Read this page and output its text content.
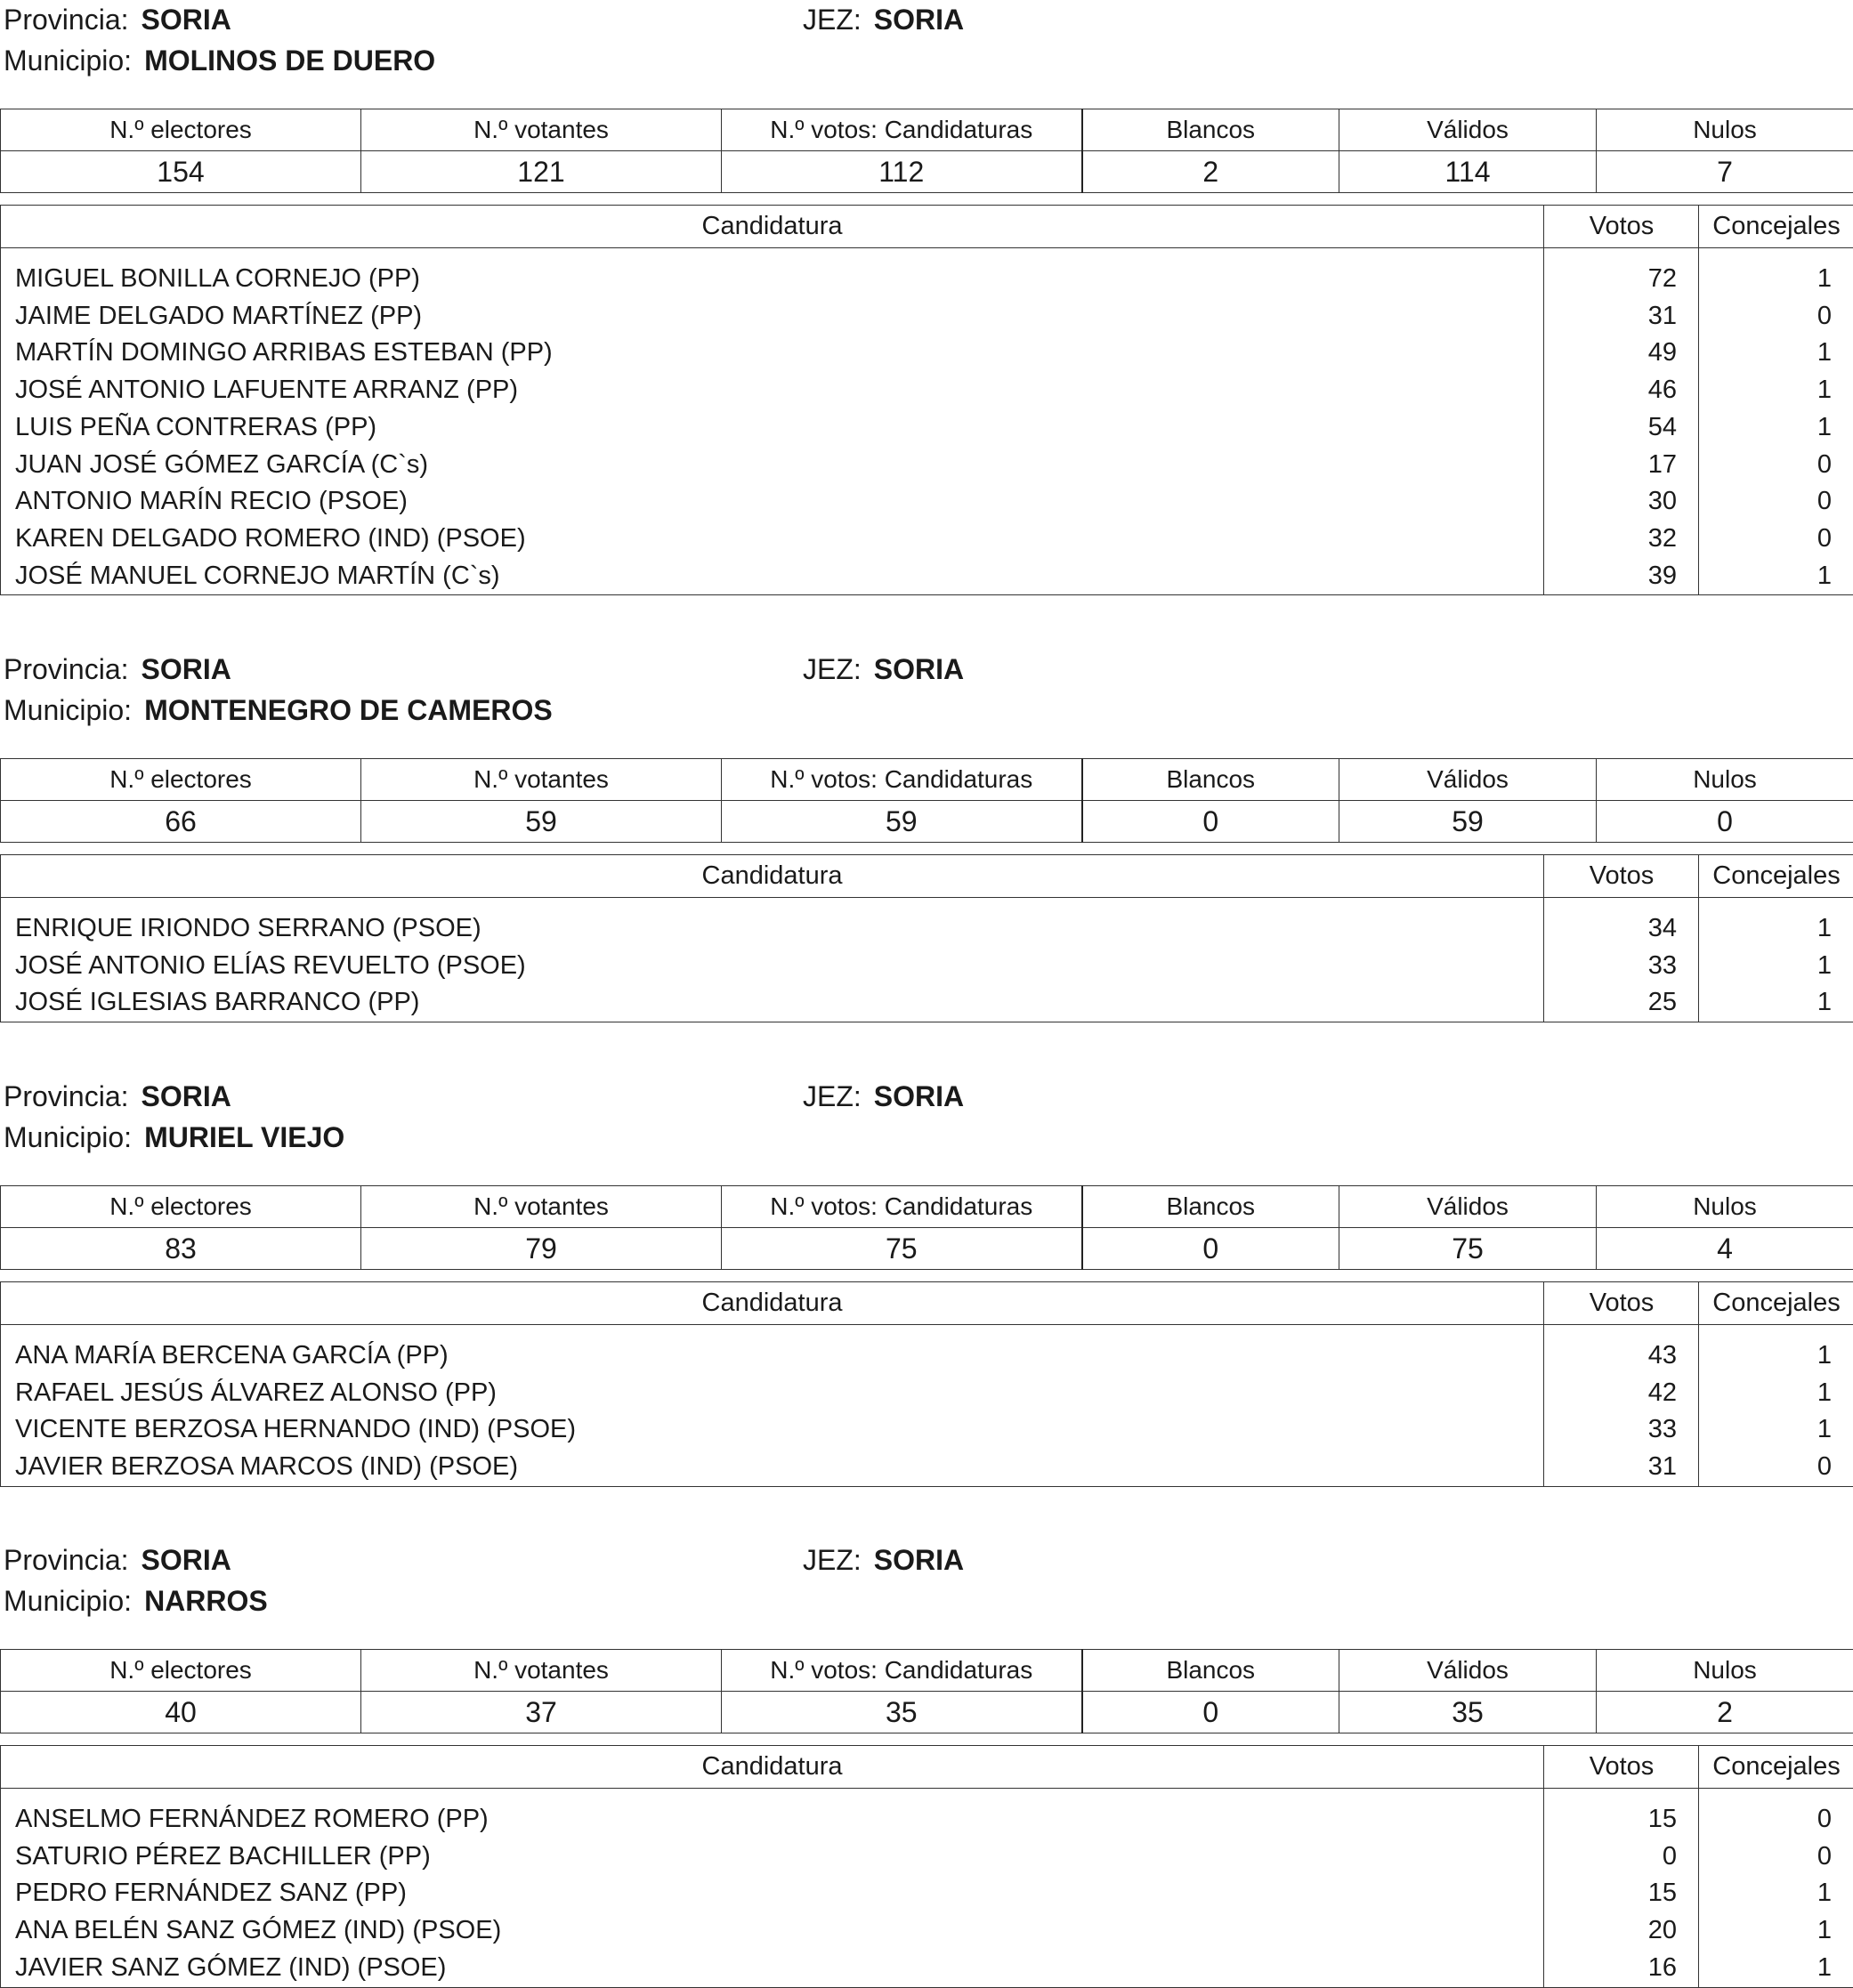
Provincia: SORIA	JEZ: SORIA
Municipio: MOLINOS DE DUERO
N.º electores	N.º votantes	N.º votos: Candidaturas	Blancos	Válidos	Nulos
154	121	112	2	114	7
Candidatura	Votos	Concejales

MIGUEL BONILLA CORNEJO (PP)	72	1
JAIME DELGADO MARTÍNEZ (PP)	31	0
MARTÍN DOMINGO ARRIBAS ESTEBAN (PP)	49	1
JOSÉ ANTONIO LAFUENTE ARRANZ (PP)	46	1
LUIS PEÑA CONTRERAS (PP)	54	1
JUAN JOSÉ GÓMEZ GARCÍA (C`s)	17	0
ANTONIO MARÍN RECIO (PSOE)	30	0
KAREN DELGADO ROMERO (IND) (PSOE)	32	0
JOSÉ MANUEL CORNEJO MARTÍN (C`s)	39	1
Provincia: SORIA	JEZ: SORIA
Municipio: MONTENEGRO DE CAMEROS
N.º electores	N.º votantes	N.º votos: Candidaturas	Blancos	Válidos	Nulos
66	59	59	0	59	0
Candidatura	Votos	Concejales

ENRIQUE IRIONDO SERRANO (PSOE)	34	1
JOSÉ ANTONIO ELÍAS REVUELTO (PSOE)	33	1
JOSÉ IGLESIAS BARRANCO (PP)	25	1
Provincia: SORIA	JEZ: SORIA
Municipio: MURIEL VIEJO
N.º electores	N.º votantes	N.º votos: Candidaturas	Blancos	Válidos	Nulos
83	79	75	0	75	4
Candidatura	Votos	Concejales

ANA MARÍA BERCENA GARCÍA (PP)	43	1
RAFAEL JESÚS ÁLVAREZ ALONSO (PP)	42	1
VICENTE BERZOSA HERNANDO (IND) (PSOE)	33	1
JAVIER BERZOSA MARCOS (IND) (PSOE)	31	0
Provincia: SORIA	JEZ: SORIA
Municipio: NARROS
N.º electores	N.º votantes	N.º votos: Candidaturas	Blancos	Válidos	Nulos
40	37	35	0	35	2
Candidatura	Votos	Concejales

ANSELMO FERNÁNDEZ ROMERO (PP)	15	0
SATURIO PÉREZ BACHILLER (PP)	0	0
PEDRO FERNÁNDEZ SANZ (PP)	15	1
ANA BELÉN SANZ GÓMEZ (IND) (PSOE)	20	1
JAVIER SANZ GÓMEZ (IND) (PSOE)	16	1
